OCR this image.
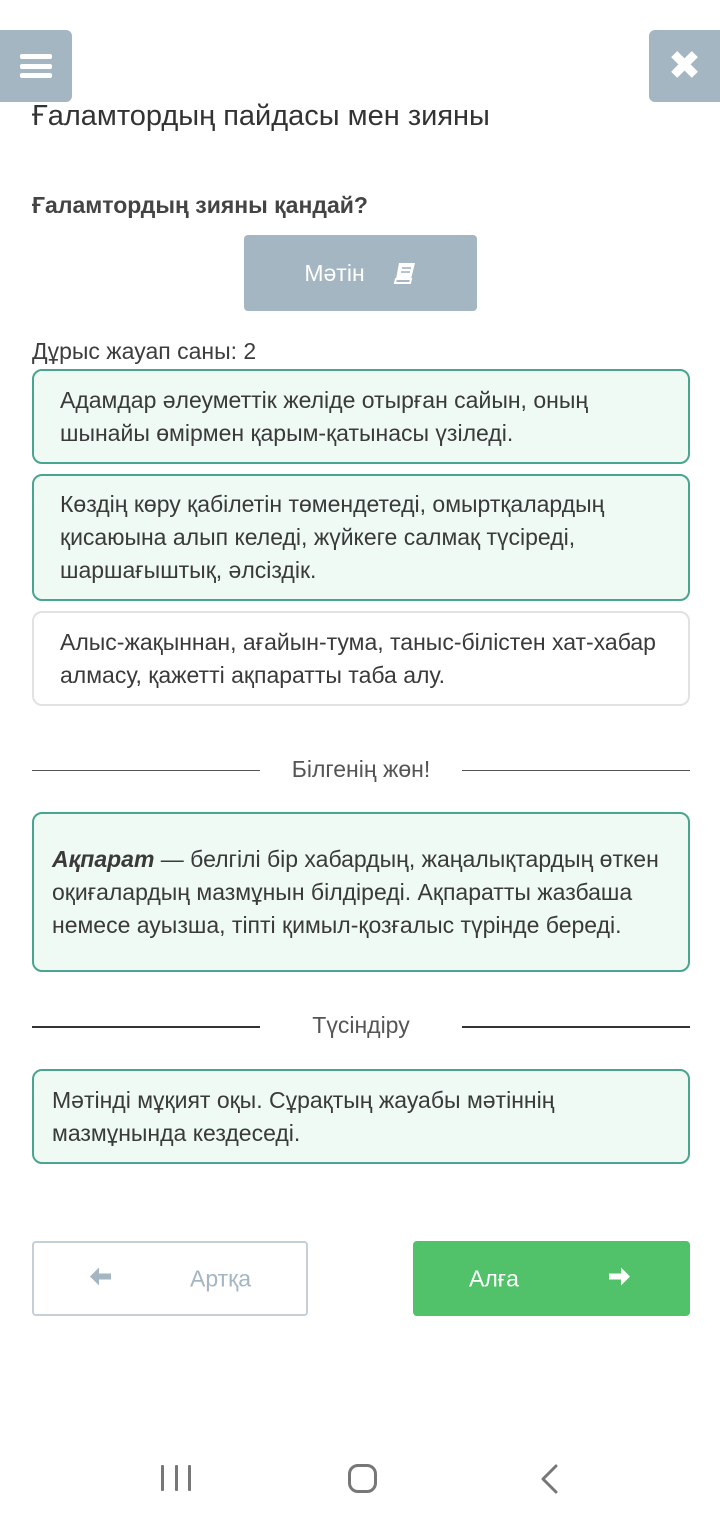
✖
Ғаламтордың пайдасы мен зияны
Ғаламтордың зияны қандай?
Мәтін
Дұрыс жауап саны: 2
Адамдар әлеуметтік желіде отырған сайын, оның шынайы өмірмен қарым-қатынасы үзіледі.
Көздің көру қабілетін төмендетеді, омыртқалардың қисаюына алып келеді, жүйкеге салмақ түсіреді, шаршағыштық, әлсіздік.
Алыс-жақыннан, ағайын-тума, таныс-білістен хат-хабар алмасу, қажетті ақпаратты таба алу.
Білгенің жөн!

Ақпарат — белгілі бір хабардың, жаңалықтардың өткен оқиғалардың мазмұнын білдіреді. Ақпаратты жазбаша немесе ауызша, тіпті қимыл-қозғалыс түрінде береді.

Түсіндіру
Мәтінді мұқият оқы. Сұрақтың жауабы мәтіннің мазмұнында кездеседі.
Артқа	Алға
